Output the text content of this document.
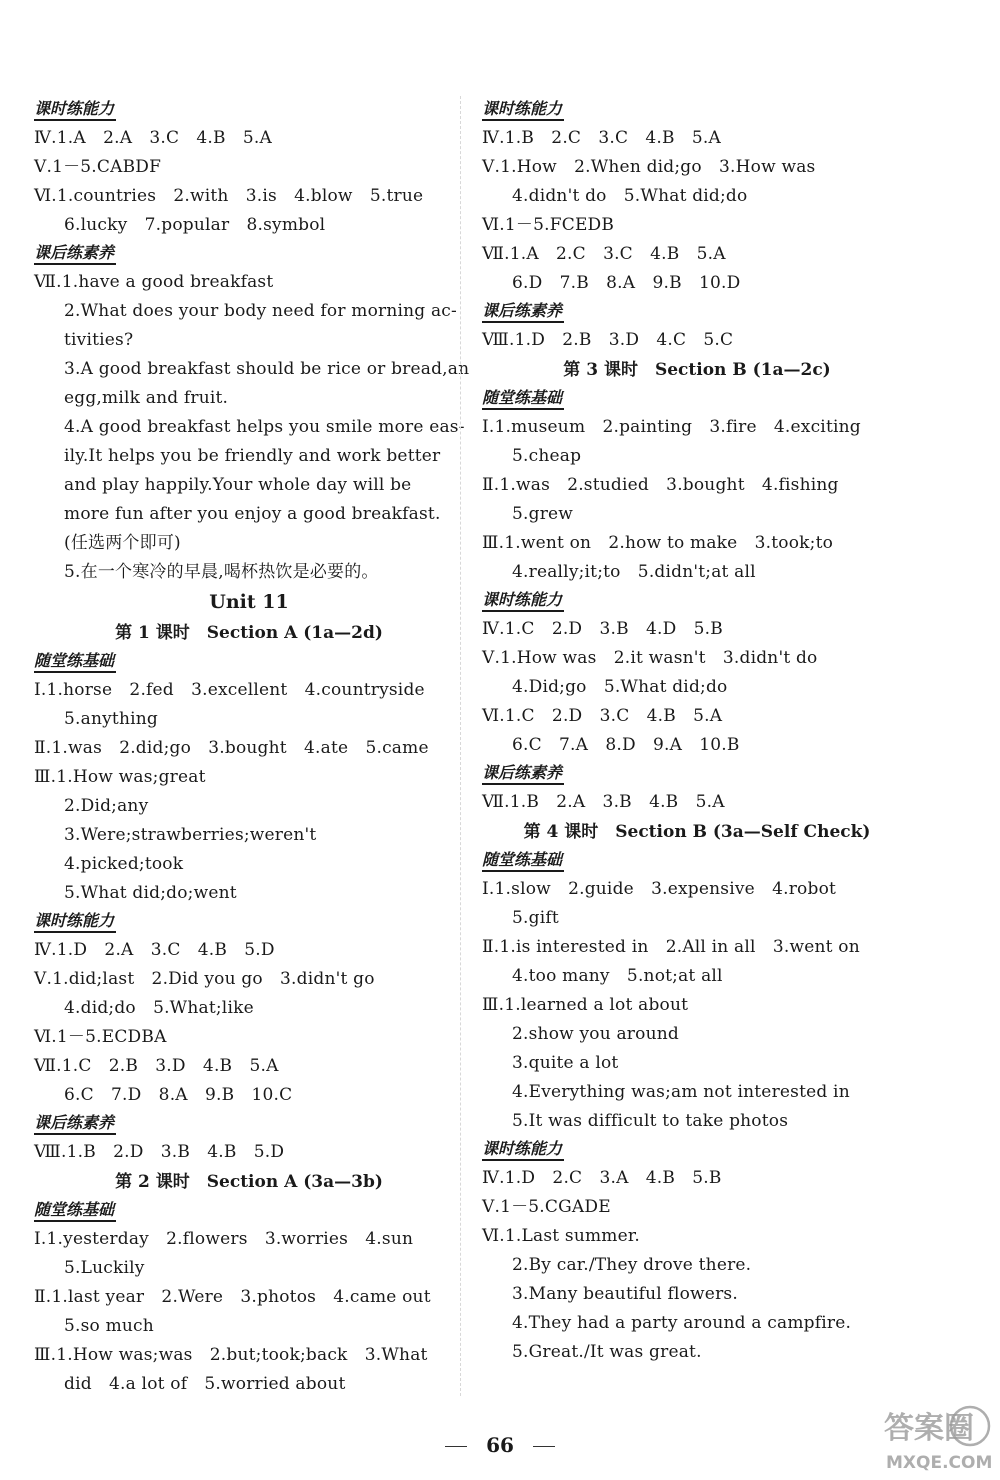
课时练能力
Ⅳ.1.A　2.A　3.C　4.B　5.A
Ⅴ.1－5.CABDF
Ⅵ.1.countries　2.with　3.is　4.blow　5.true
6.lucky　7.popular　8.symbol
课后练素养
Ⅶ.1.have a good breakfast
2.What does your body need for morning ac-
tivities?
3.A good breakfast should be rice or bread,an
egg,milk and fruit.
4.A good breakfast helps you smile more eas-
ily.It helps you be friendly and work better
and play happily.Your whole day will be
more fun after you enjoy a good breakfast.
(任选两个即可)
5.在一个寒冷的早晨,喝杯热饮是必要的。
Unit 11
第 1 课时　Section A (1a—2d)
随堂练基础
Ⅰ.1.horse　2.fed　3.excellent　4.countryside
5.anything
Ⅱ.1.was　2.did;go　3.bought　4.ate　5.came
Ⅲ.1.How was;great
2.Did;any
3.Were;strawberries;weren't
4.picked;took
5.What did;do;went
课时练能力
Ⅳ.1.D　2.A　3.C　4.B　5.D
Ⅴ.1.did;last　2.Did you go　3.didn't go
4.did;do　5.What;like
Ⅵ.1－5.ECDBA
Ⅶ.1.C　2.B　3.D　4.B　5.A
6.C　7.D　8.A　9.B　10.C
课后练素养
Ⅷ.1.B　2.D　3.B　4.B　5.D
第 2 课时　Section A (3a—3b)
随堂练基础
Ⅰ.1.yesterday　2.flowers　3.worries　4.sun
5.Luckily
Ⅱ.1.last year　2.Were　3.photos　4.came out
5.so much
Ⅲ.1.How was;was　2.but;took;back　3.What
did　4.a lot of　5.worried about
课时练能力
Ⅳ.1.B　2.C　3.C　4.B　5.A
Ⅴ.1.How　2.When did;go　3.How was
4.didn't do　5.What did;do
Ⅵ.1－5.FCEDB
Ⅶ.1.A　2.C　3.C　4.B　5.A
6.D　7.B　8.A　9.B　10.D
课后练素养
Ⅷ.1.D　2.B　3.D　4.C　5.C
第 3 课时　Section B (1a—2c)
随堂练基础
Ⅰ.1.museum　2.painting　3.fire　4.exciting
5.cheap
Ⅱ.1.was　2.studied　3.bought　4.fishing
5.grew
Ⅲ.1.went on　2.how to make　3.took;to
4.really;it;to　5.didn't;at all
课时练能力
Ⅳ.1.C　2.D　3.B　4.D　5.B
Ⅴ.1.How was　2.it wasn't　3.didn't do
4.Did;go　5.What did;do
Ⅵ.1.C　2.D　3.C　4.B　5.A
6.C　7.A　8.D　9.A　10.B
课后练素养
Ⅶ.1.B　2.A　3.B　4.B　5.A
第 4 课时　Section B (3a—Self Check)
随堂练基础
Ⅰ.1.slow　2.guide　3.expensive　4.robot
5.gift
Ⅱ.1.is interested in　2.All in all　3.went on
4.too many　5.not;at all
Ⅲ.1.learned a lot about
2.show you around
3.quite a lot
4.Everything was;am not interested in
5.It was difficult to take photos
课时练能力
Ⅳ.1.D　2.C　3.A　4.B　5.B
Ⅴ.1－5.CGADE
Ⅵ.1.Last summer.
2.By car./They drove there.
3.Many beautiful flowers.
4.They had a party around a campfire.
5.Great./It was great.
66	答案圈
MXQE.COM
